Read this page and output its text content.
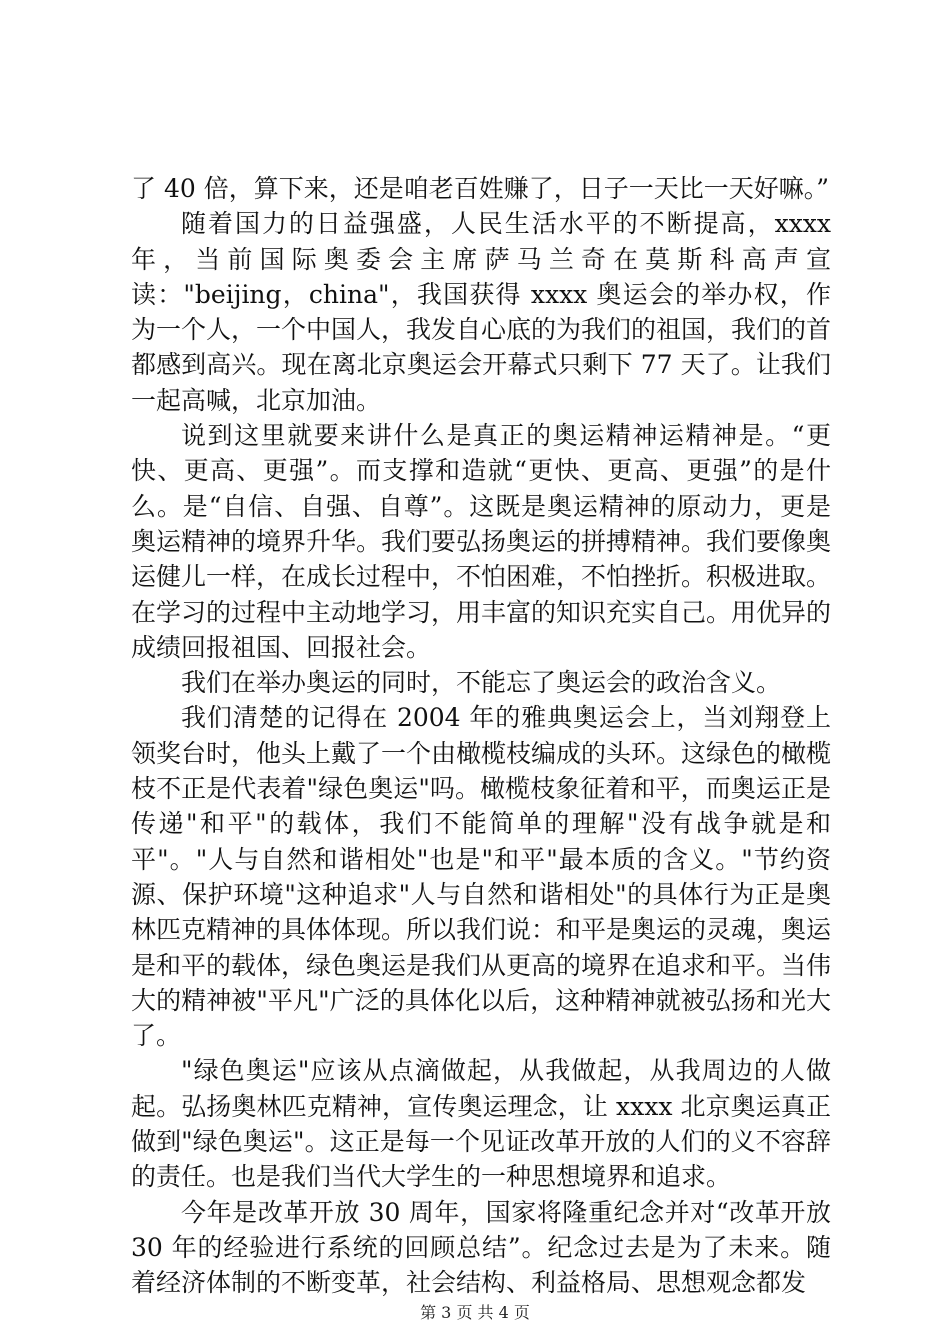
了 40 倍，算下来，还是咱老百姓赚了，日子一天比一天好嘛。”

随着国力的日益强盛，人民生活水平的不断提高，xxxx 年，当前国际奥委会主席萨马兰奇在莫斯科高声宣读："beijing，china"，我国获得 xxxx 奥运会的举办权，作为一个人，一个中国人，我发自心底的为我们的祖国，我们的首都感到高兴。现在离北京奥运会开幕式只剩下 77 天了。让我们一起高喊，北京加油。

说到这里就要来讲什么是真正的奥运精神运精神是。“更快、更高、更强”。而支撑和造就“更快、更高、更强”的是什么。是“自信、自强、自尊”。这既是奥运精神的原动力，更是奥运精神的境界升华。我们要弘扬奥运的拼搏精神。我们要像奥运健儿一样，在成长过程中，不怕困难，不怕挫折。积极进取。在学习的过程中主动地学习，用丰富的知识充实自己。用优异的成绩回报祖国、回报社会。

我们在举办奥运的同时，不能忘了奥运会的政治含义。

我们清楚的记得在 2004 年的雅典奥运会上，当刘翔登上领奖台时，他头上戴了一个由橄榄枝编成的头环。这绿色的橄榄枝不正是代表着"绿色奥运"吗。橄榄枝象征着和平，而奥运正是传递"和平"的载体，我们不能简单的理解"没有战争就是和平"。"人与自然和谐相处"也是"和平"最本质的含义。"节约资源、保护环境"这种追求"人与自然和谐相处"的具体行为正是奥林匹克精神的具体体现。所以我们说：和平是奥运的灵魂，奥运是和平的载体，绿色奥运是我们从更高的境界在追求和平。当伟大的精神被"平凡"广泛的具体化以后，这种精神就被弘扬和光大了。

"绿色奥运"应该从点滴做起，从我做起，从我周边的人做起。弘扬奥林匹克精神，宣传奥运理念，让 xxxx 北京奥运真正做到"绿色奥运"。这正是每一个见证改革开放的人们的义不容辞的责任。也是我们当代大学生的一种思想境界和追求。

今年是改革开放 30 周年，国家将隆重纪念并对“改革开放 30 年的经验进行系统的回顾总结”。纪念过去是为了未来。随着经济体制的不断变革，社会结构、利益格局、思想观念都发

第 3 页 共 4 页
